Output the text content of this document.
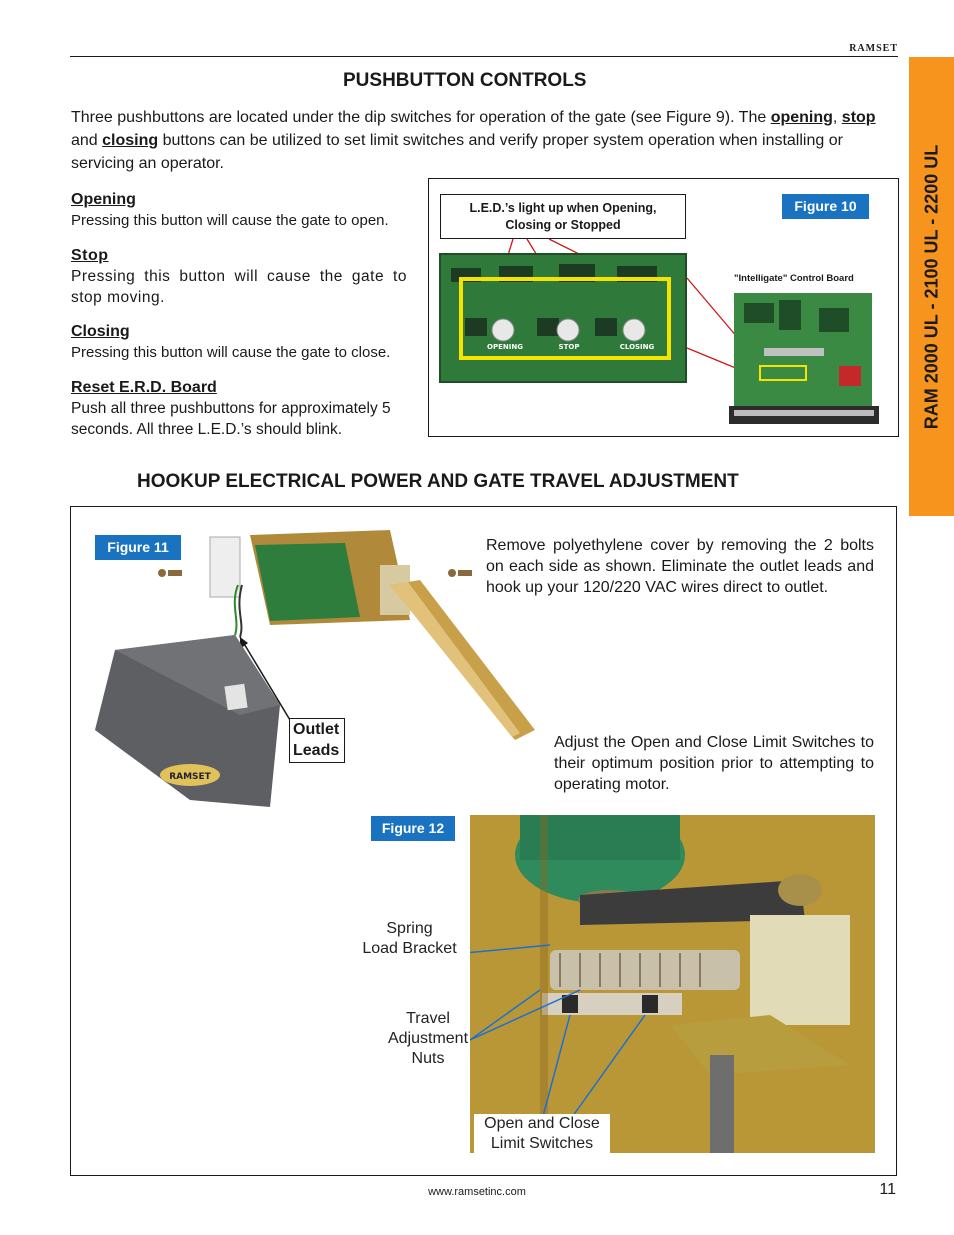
RAMSET
RAM 2000 UL - 2100 UL - 2200 UL
PUSHBUTTON CONTROLS
Three pushbuttons are located under the dip switches for operation of the gate (see Figure 9). The opening, stop and closing buttons can be utilized to set limit switches and verify proper system operation when installing or servicing an operator.
Opening
Pressing this button will cause the gate to open.
Stop
Pressing this button will cause the gate to stop moving.
Closing
Pressing this button will cause the gate to close.
Reset E.R.D. Board
Push all three pushbuttons for approximately 5 seconds. All three L.E.D.’s should blink.
L.E.D.’s light up when Opening,
Closing or Stopped
Figure 10
"Intelligate" Control Board
OPENING	STOP	CLOSING
HOOKUP ELECTRICAL POWER AND GATE TRAVEL ADJUSTMENT
Figure 11
RAMSET
Outlet
Leads
Remove polyethylene cover by removing the 2 bolts on each side as shown. Eliminate the outlet leads and hook up your 120/220 VAC wires direct to outlet.
Adjust the Open and Close Limit Switches to their optimum position prior to attempting to operating motor.
Figure 12
Spring
Load Bracket
Travel
Adjustment
Nuts
Open and Close
Limit Switches
www.ramsetinc.com	11
